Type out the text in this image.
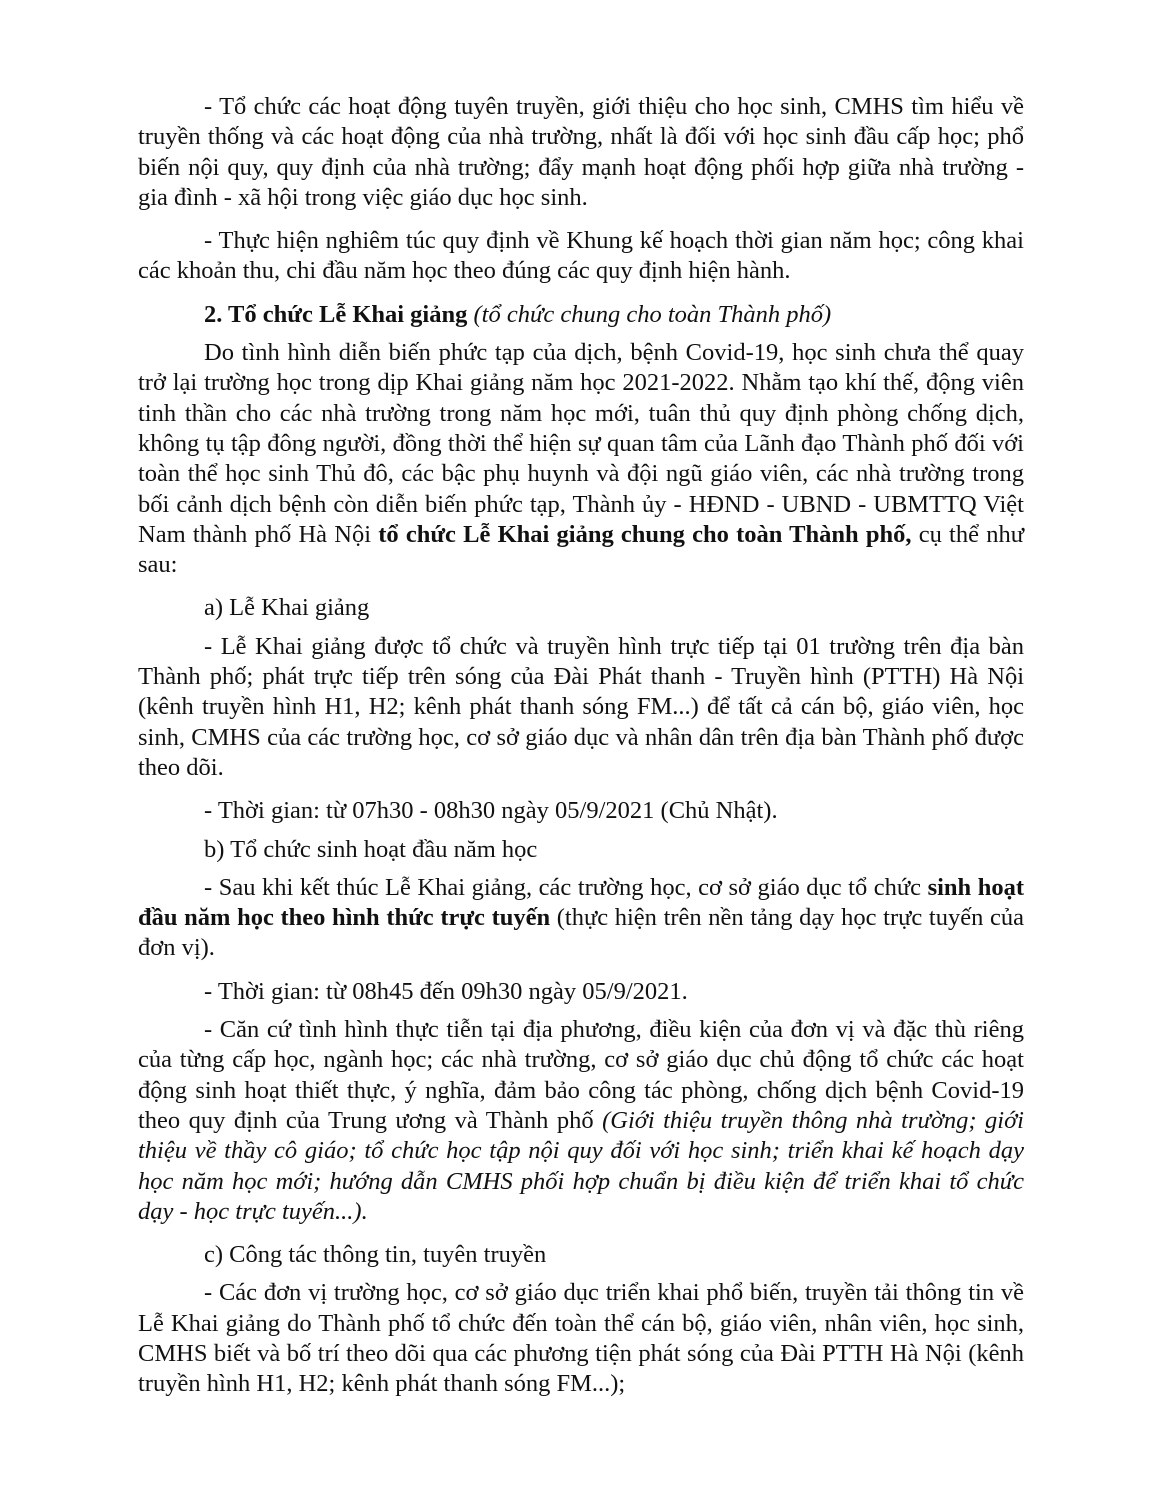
- Tổ chức các hoạt động tuyên truyền, giới thiệu cho học sinh, CMHS tìm hiểu về truyền thống và các hoạt động của nhà trường, nhất là đối với học sinh đầu cấp học; phổ biến nội quy, quy định của nhà trường; đẩy mạnh hoạt động phối hợp giữa nhà trường - gia đình - xã hội trong việc giáo dục học sinh.

- Thực hiện nghiêm túc quy định về Khung kế hoạch thời gian năm học; công khai các khoản thu, chi đầu năm học theo đúng các quy định hiện hành.

2. Tổ chức Lễ Khai giảng (tổ chức chung cho toàn Thành phố)

Do tình hình diễn biến phức tạp của dịch, bệnh Covid-19, học sinh chưa thể quay trở lại trường học trong dịp Khai giảng năm học 2021-2022. Nhằm tạo khí thế, động viên tinh thần cho các nhà trường trong năm học mới, tuân thủ quy định phòng chống dịch, không tụ tập đông người, đồng thời thể hiện sự quan tâm của Lãnh đạo Thành phố đối với toàn thể học sinh Thủ đô, các bậc phụ huynh và đội ngũ giáo viên, các nhà trường trong bối cảnh dịch bệnh còn diễn biến phức tạp, Thành ủy - HĐND - UBND - UBMTTQ Việt Nam thành phố Hà Nội tổ chức Lễ Khai giảng chung cho toàn Thành phố, cụ thể như sau:

a) Lễ Khai giảng

- Lễ Khai giảng được tổ chức và truyền hình trực tiếp tại 01 trường trên địa bàn Thành phố; phát trực tiếp trên sóng của Đài Phát thanh - Truyền hình (PTTH) Hà Nội (kênh truyền hình H1, H2; kênh phát thanh sóng FM...) để tất cả cán bộ, giáo viên, học sinh, CMHS của các trường học, cơ sở giáo dục và nhân dân trên địa bàn Thành phố được theo dõi.

- Thời gian: từ 07h30 - 08h30 ngày 05/9/2021 (Chủ Nhật).

b) Tổ chức sinh hoạt đầu năm học

- Sau khi kết thúc Lễ Khai giảng, các trường học, cơ sở giáo dục tổ chức sinh hoạt đầu năm học theo hình thức trực tuyến (thực hiện trên nền tảng dạy học trực tuyến của đơn vị).

- Thời gian: từ 08h45 đến 09h30 ngày 05/9/2021.

- Căn cứ tình hình thực tiễn tại địa phương, điều kiện của đơn vị và đặc thù riêng của từng cấp học, ngành học; các nhà trường, cơ sở giáo dục chủ động tổ chức các hoạt động sinh hoạt thiết thực, ý nghĩa, đảm bảo công tác phòng, chống dịch bệnh Covid-19 theo quy định của Trung ương và Thành phố (Giới thiệu truyền thông nhà trường; giới thiệu về thầy cô giáo; tổ chức học tập nội quy đối với học sinh; triển khai kế hoạch dạy học năm học mới; hướng dẫn CMHS phối hợp chuẩn bị điều kiện để triển khai tổ chức dạy - học trực tuyến...).

c) Công tác thông tin, tuyên truyền

- Các đơn vị trường học, cơ sở giáo dục triển khai phổ biến, truyền tải thông tin về Lễ Khai giảng do Thành phố tổ chức đến toàn thể cán bộ, giáo viên, nhân viên, học sinh, CMHS biết và bố trí theo dõi qua các phương tiện phát sóng của Đài PTTH Hà Nội (kênh truyền hình H1, H2; kênh phát thanh sóng FM...);
